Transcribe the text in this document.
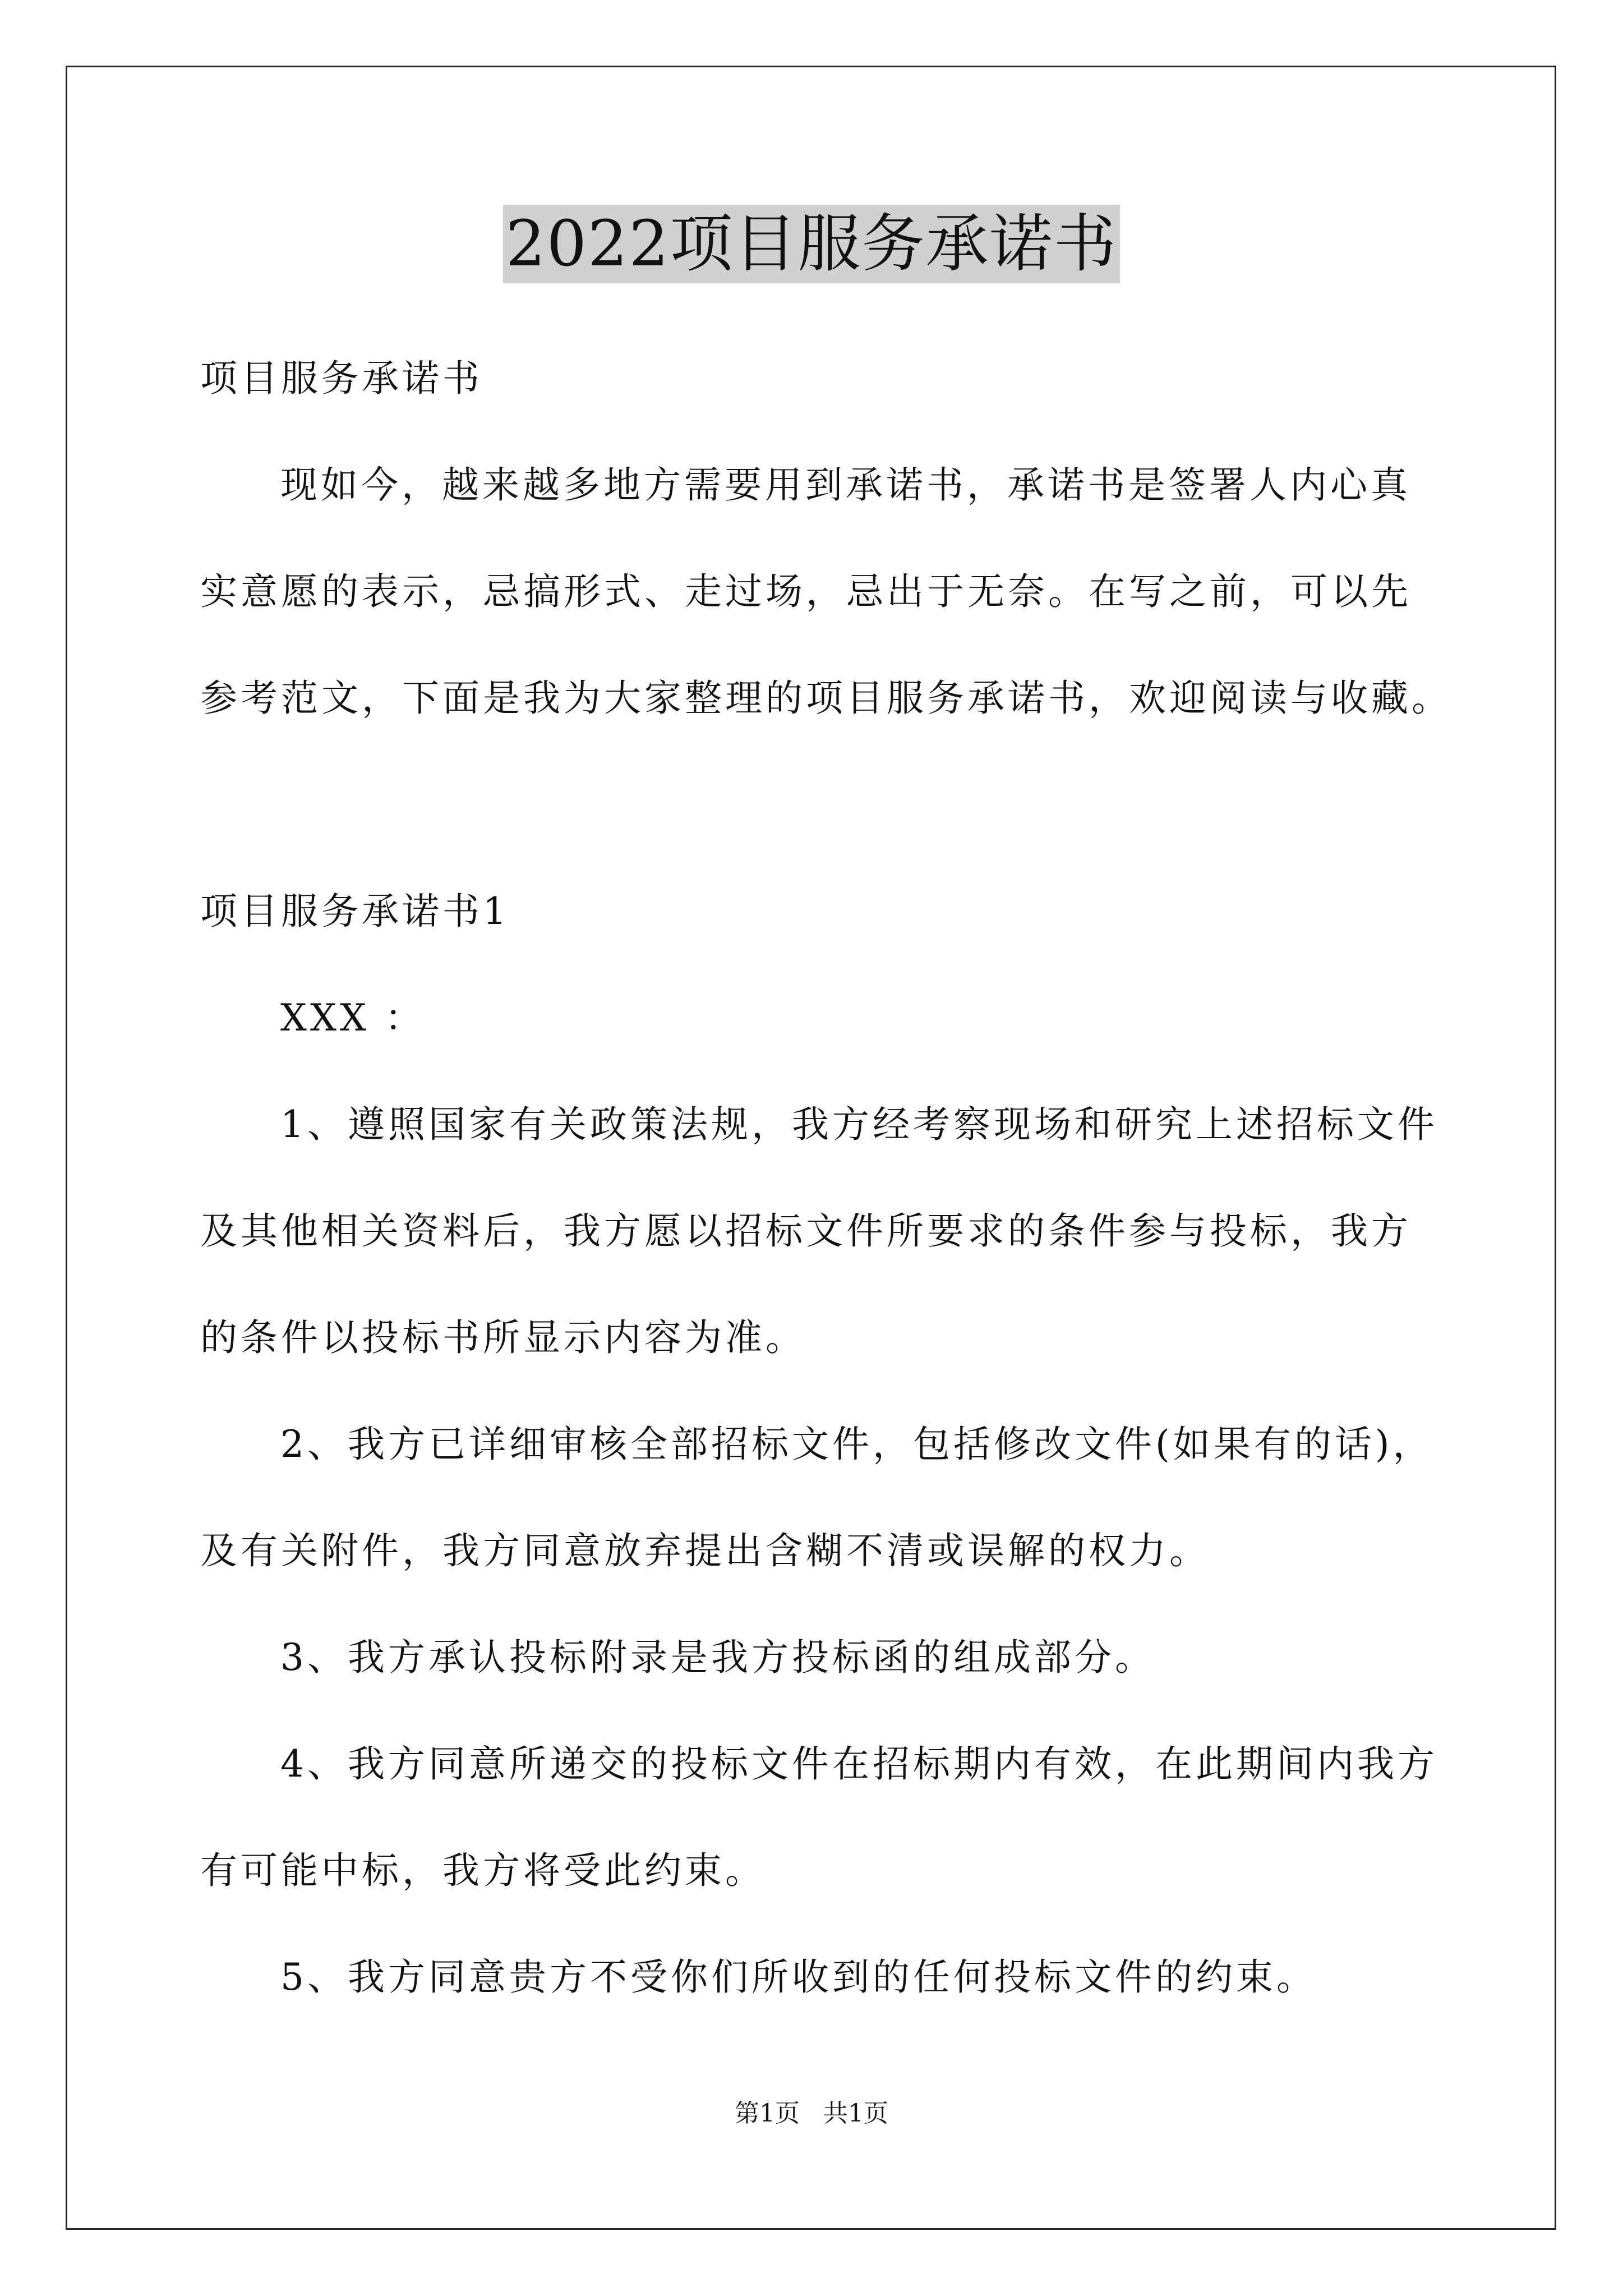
2022项目服务承诺书
项目服务承诺书
现如今，越来越多地方需要用到承诺书，承诺书是签署人内心真
实意愿的表示，忌搞形式、走过场，忌出于无奈。在写之前，可以先
参考范文，下面是我为大家整理的项目服务承诺书，欢迎阅读与收藏。
项目服务承诺书1
XXX ：
1、遵照国家有关政策法规，我方经考察现场和研究上述招标文件
及其他相关资料后，我方愿以招标文件所要求的条件参与投标，我方
的条件以投标书所显示内容为准。
2、我方已详细审核全部招标文件，包括修改文件(如果有的话)，
及有关附件，我方同意放弃提出含糊不清或误解的权力。
3、我方承认投标附录是我方投标函的组成部分。
4、我方同意所递交的投标文件在招标期内有效，在此期间内我方
有可能中标，我方将受此约束。
5、我方同意贵方不受你们所收到的任何投标文件的约束。
第1页   共1页
